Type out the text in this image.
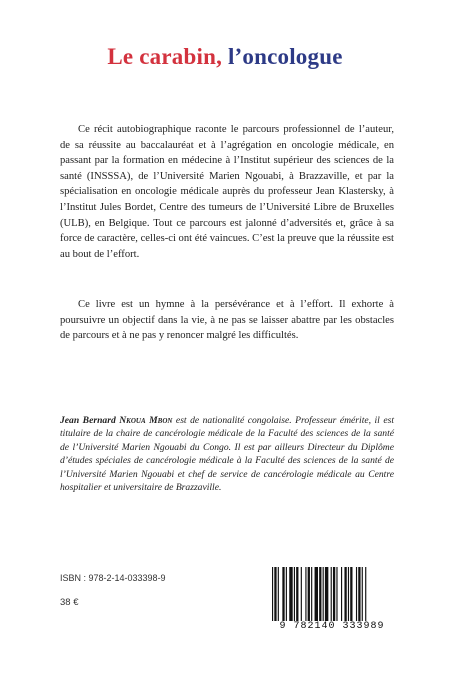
Le carabin, l’oncologue

Ce récit autobiographique raconte le parcours professionnel de l’auteur, de sa réussite au baccalauréat et à l’agrégation en oncologie médicale, en passant par la formation en médecine à l’Institut supérieur des sciences de la santé (INSSSA), de l’Université Marien Ngouabi, à Brazzaville, et par la spécialisation en oncologie médicale auprès du professeur Jean Klastersky, à l’Institut Jules Bordet, Centre des tumeurs de l’Université Libre de Bruxelles (ULB), en Belgique. Tout ce parcours est jalonné d’adversités et, grâce à sa force de caractère, celles-ci ont été vaincues. C’est la preuve que la réussite est au bout de l’effort.

Ce livre est un hymne à la persévérance et à l’effort. Il exhorte à poursuivre un objectif dans la vie, à ne pas se laisser abattre par les obstacles de parcours et à ne pas y renoncer malgré les difficultés.

Jean Bernard Nkoua Mbon est de nationalité congolaise. Professeur émérite, il est titulaire de la chaire de cancérologie médicale de la Faculté des sciences de la santé de l’Université Marien Ngouabi du Congo. Il est par ailleurs Directeur du Diplôme d’études spéciales de cancérologie médicale à la Faculté des sciences de la santé de l’Université Marien Ngouabi et chef de service de cancérologie médicale au Centre hospitalier et universitaire de Brazzaville.

ISBN : 978-2-14-033398-9
38 €
9 782140 333989
